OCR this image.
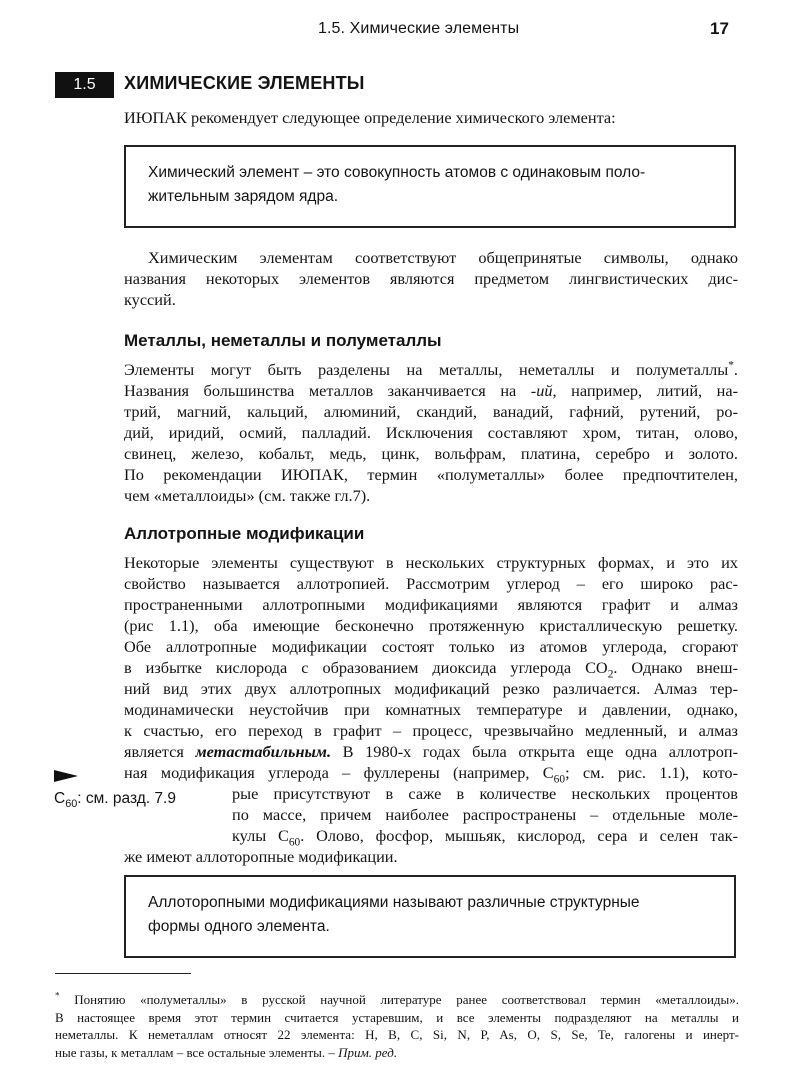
1.5. Химические элементы	17
1.5	ХИМИЧЕСКИЕ ЭЛЕМЕНТЫ

ИЮПАК рекомендует следующее определение химического элемента:

Химический элемент – это совокупность атомов с одинаковым поло-
жительным зарядом ядра.

Химическим элементам соответствуют общепринятые символы, однако
названия некоторых элементов являются предметом лингвистических дис-
куссий.

Металлы, неметаллы и полуметаллы

Элементы могут быть разделены на металлы, неметаллы и полуметаллы*.
Названия большинства металлов заканчивается на -ий, например, литий, на-
трий, магний, кальций, алюминий, скандий, ванадий, гафний, рутений, ро-
дий, иридий, осмий, палладий. Исключения составляют хром, титан, олово,
свинец, железо, кобальт, медь, цинк, вольфрам, платина, серебро и золото.
По рекомендации ИЮПАК, термин «полуметаллы» более предпочтителен,
чем «металлоиды» (см. также гл.7).

Аллотропные модификации

Некоторые элементы существуют в нескольких структурных формах, и это их
свойство называется аллотропией. Рассмотрим углерод – его широко рас-
пространенными аллотропными модификациями являются графит и алмаз
(рис 1.1), оба имеющие бесконечно протяженную кристаллическую решетку.
Обе аллотропные модификации состоят только из атомов углерода, сгорают
в избытке кислорода с образованием диоксида углерода $CO_2$. Однако внеш-
ний вид этих двух аллотропных модификаций резко различается. Алмаз тер-
модинамически неустойчив при комнатных температуре и давлении, однако,
к счастью, его переход в графит – процесс, чрезвычайно медленный, и алмаз
является метастабильным. В 1980-х годах была открыта еще одна аллотроп-
ная модификация углерода – фуллерены (например, $C_{60}$; см. рис. 1.1), кото-
рые присутствуют в саже в количестве нескольких процентов
по массе, причем наиболее распространены – отдельные моле-
кулы $C_{60}$. Олово, фосфор, мышьяк, кислород, сера и селен так-
же имеют аллоторопные модификации.

$C_{60}$: см. разд. 7.9
Аллоторопными модификациями называют различные структурные
формы одного элемента.
* Понятию «полуметаллы» в русской научной литературе ранее соответствовал термин «металлоиды».
В настоящее время этот термин считается устаревшим, и все элементы подразделяют на металлы и
неметаллы. К неметаллам относят 22 элемента: H, B, C, Si, N, P, As, O, S, Se, Te, галогены и инерт-
ные газы, к металлам – все остальные элементы. – Прим. ред.
